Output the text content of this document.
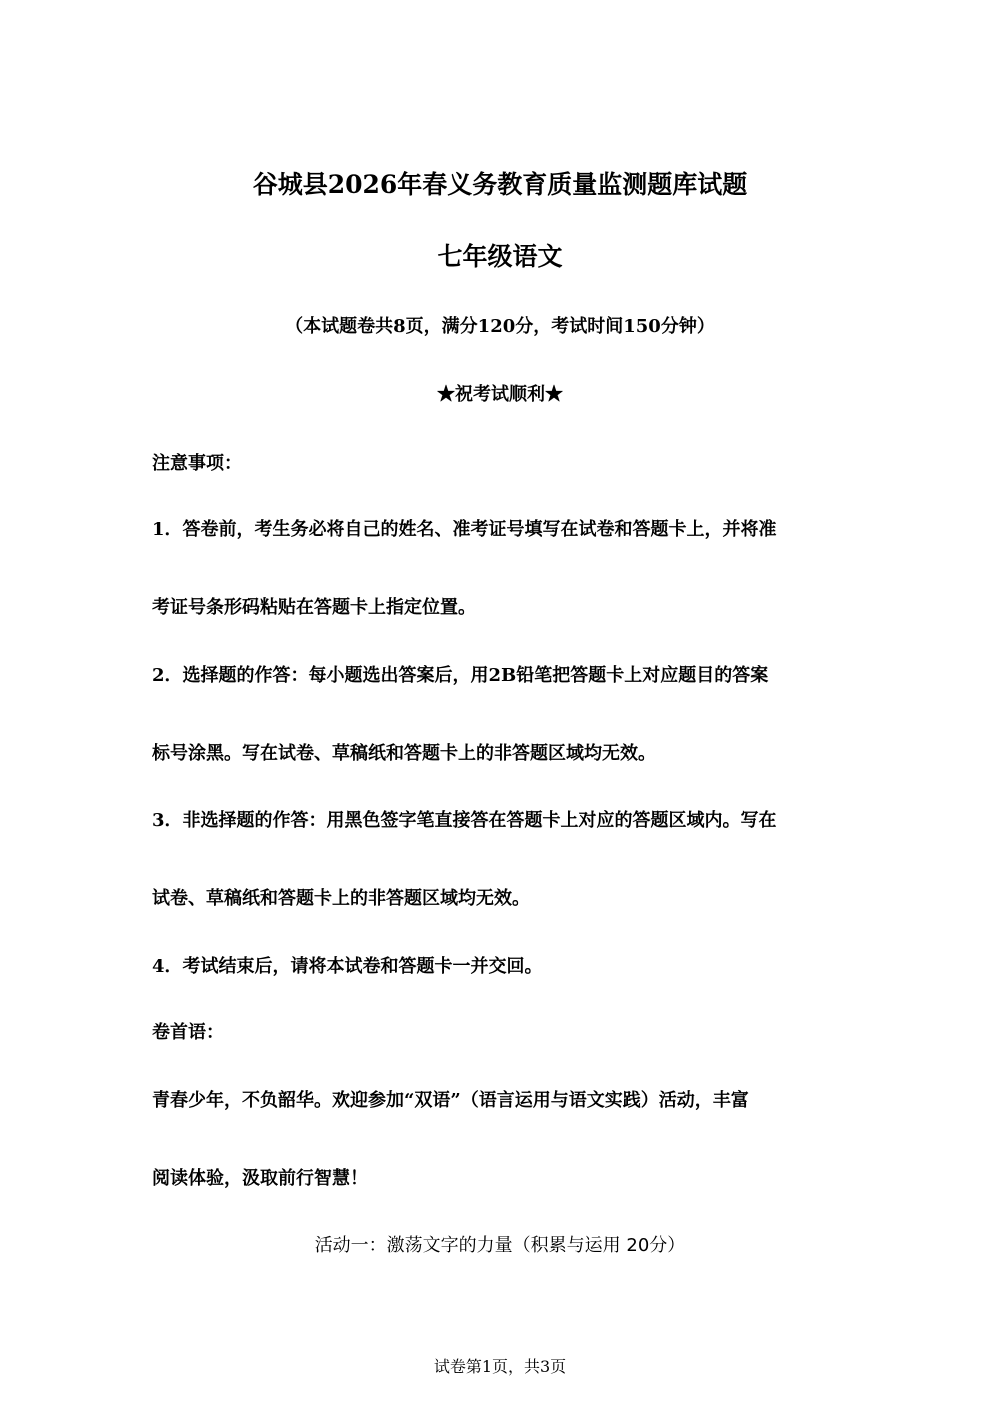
谷城县2026年春义务教育质量监测题库试题
七年级语文
（本试题卷共8页，满分120分，考试时间150分钟）
★祝考试顺利★
注意事项：
1．答卷前，考生务必将自己的姓名、准考证号填写在试卷和答题卡上，并将准
考证号条形码粘贴在答题卡上指定位置。
2．选择题的作答：每小题选出答案后，用2B铅笔把答题卡上对应题目的答案
标号涂黑。写在试卷、草稿纸和答题卡上的非答题区域均无效。
3．非选择题的作答：用黑色签字笔直接答在答题卡上对应的答题区域内。写在
试卷、草稿纸和答题卡上的非答题区域均无效。
4．考试结束后，请将本试卷和答题卡一并交回。
卷首语：
青春少年，不负韶华。欢迎参加“双语”（语言运用与语文实践）活动，丰富
阅读体验，汲取前行智慧！
活动一：激荡文字的力量（积累与运用 20分）
试卷第1页，共3页
